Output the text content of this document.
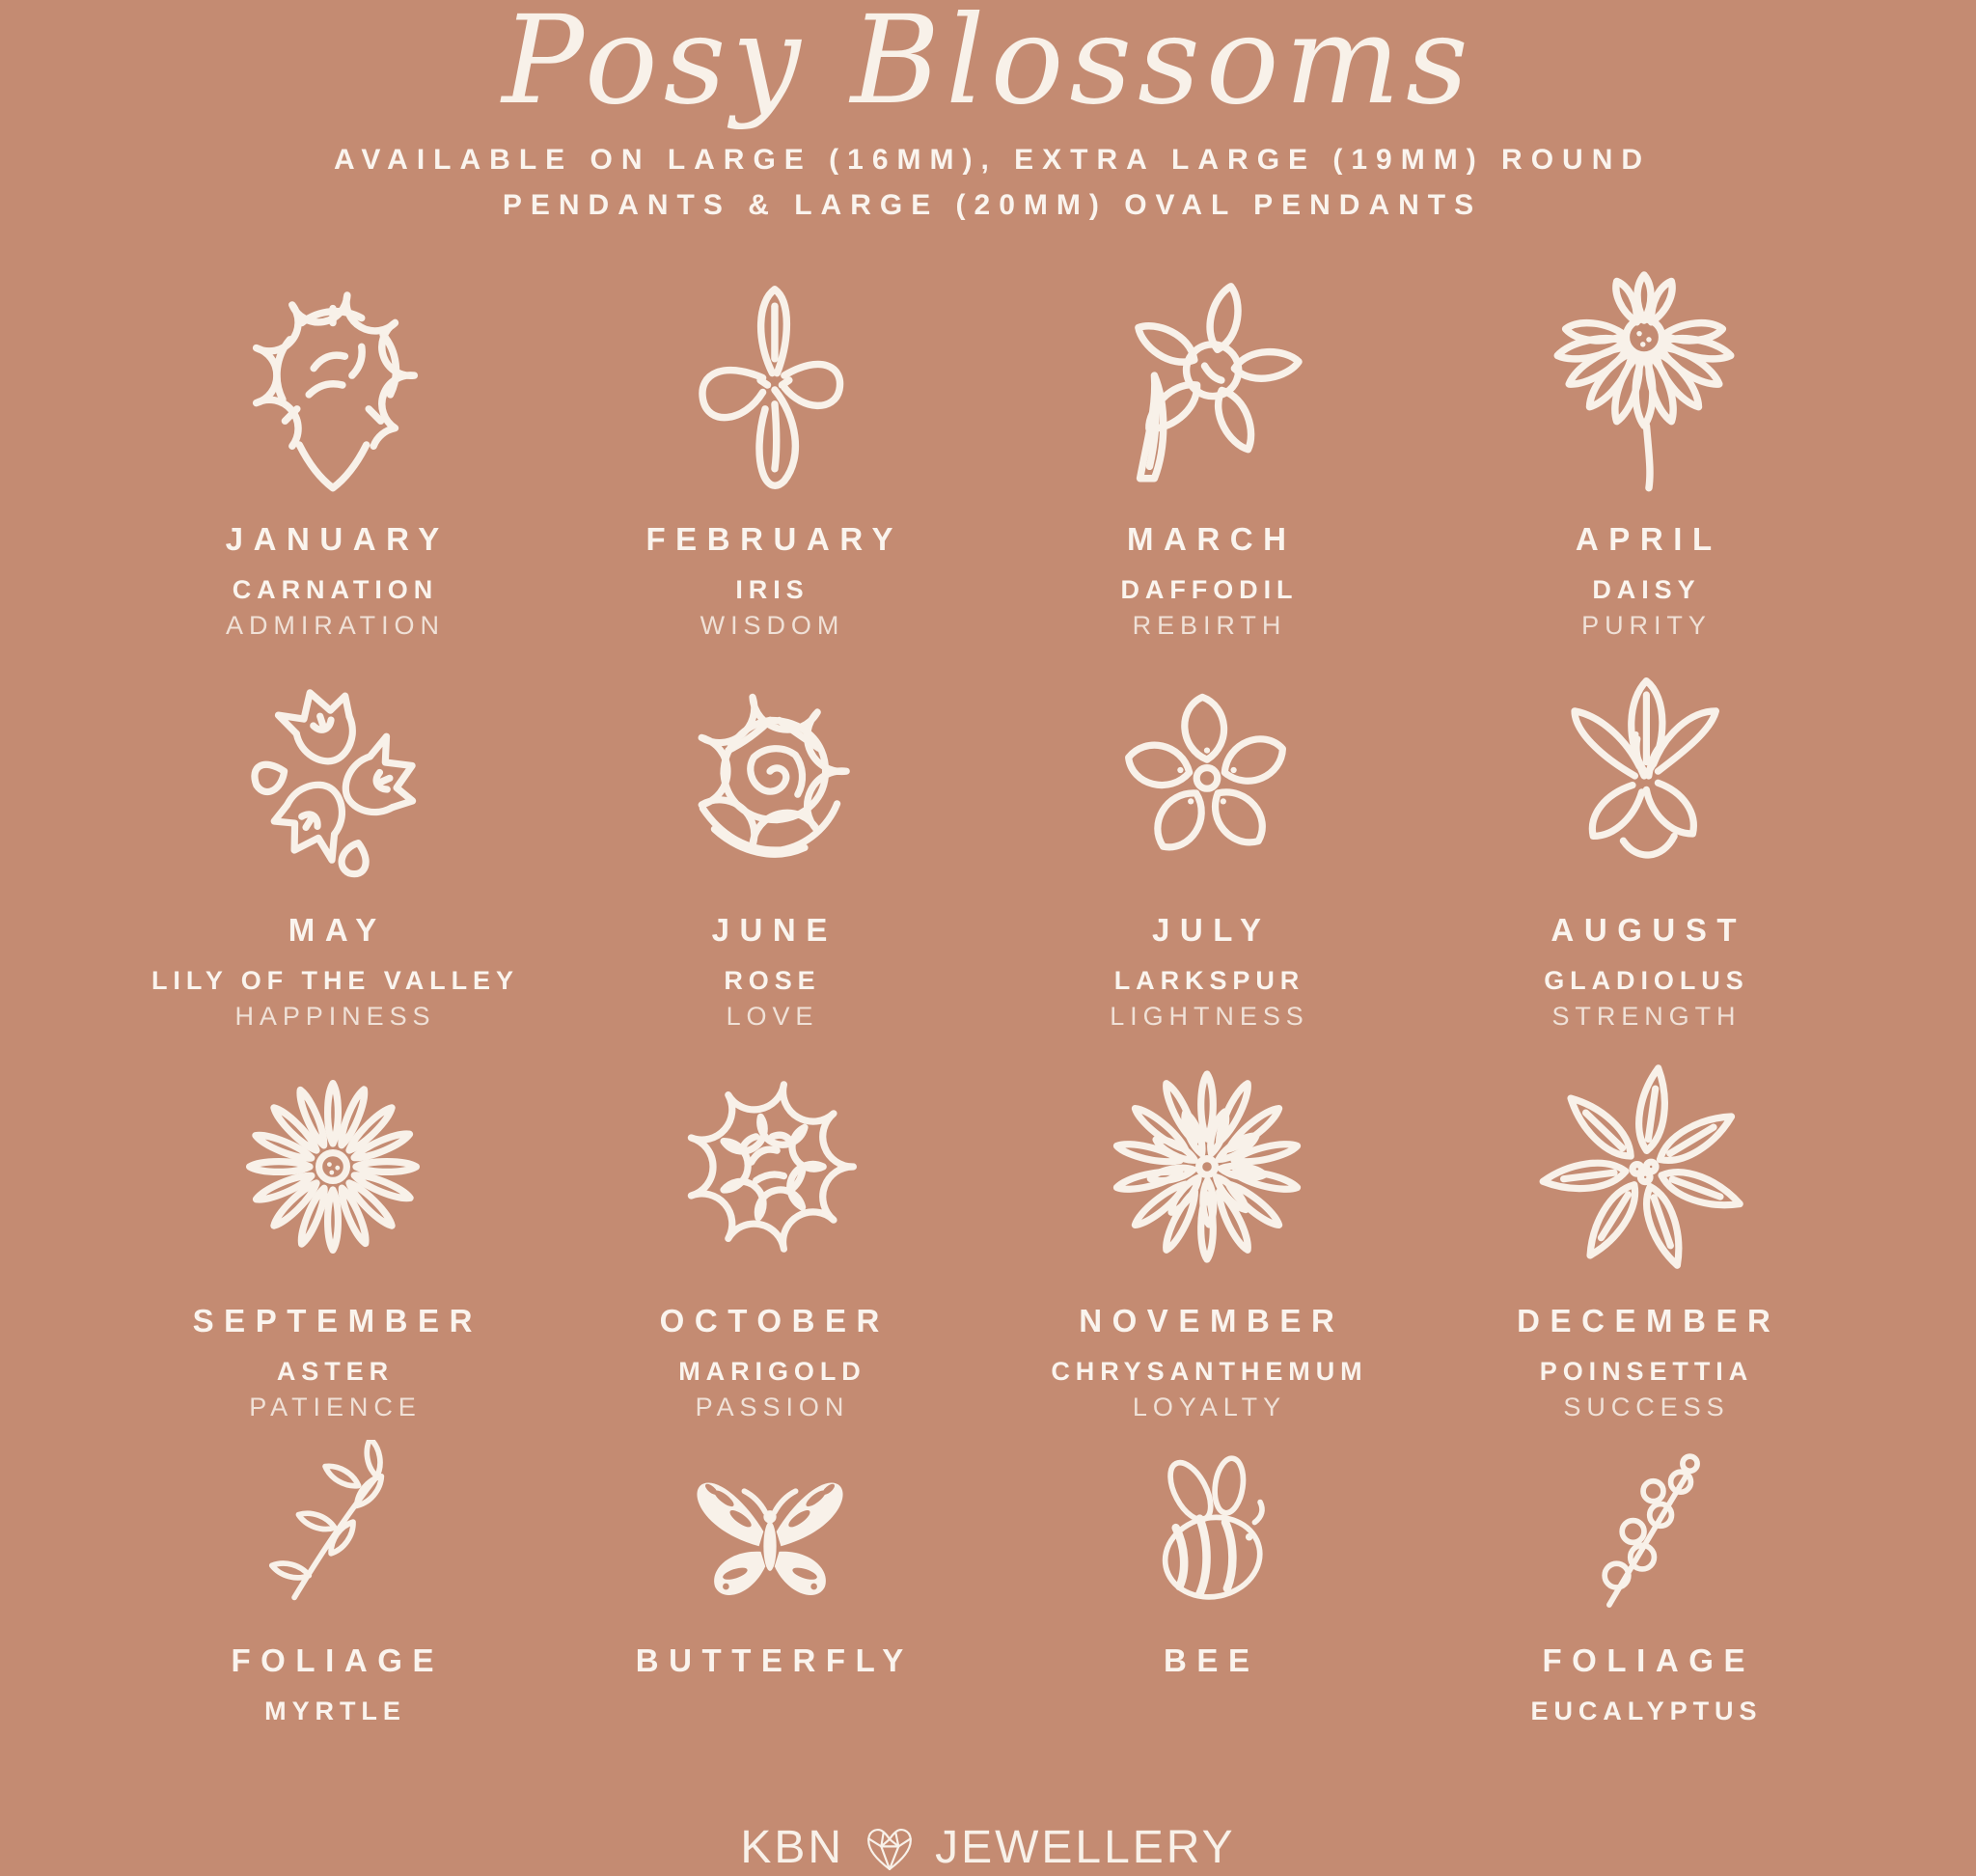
Posy Blossoms
AVAILABLE ON LARGE (16MM), EXTRA LARGE (19MM) ROUND
PENDANTS & LARGE (20MM) OVAL PENDANTS
JANUARY
CARNATION
ADMIRATION
FEBRUARY
IRIS
WISDOM
MARCH
DAFFODIL
REBIRTH
APRIL
DAISY
PURITY
MAY
LILY OF THE VALLEY
HAPPINESS
JUNE
ROSE
LOVE
JULY
LARKSPUR
LIGHTNESS
AUGUST
GLADIOLUS
STRENGTH
SEPTEMBER
ASTER
PATIENCE
OCTOBER
MARIGOLD
PASSION
NOVEMBER
CHRYSANTHEMUM
LOYALTY
DECEMBER
POINSETTIA
SUCCESS
FOLIAGE
MYRTLE
BUTTERFLY	BEE	FOLIAGE
EUCALYPTUS
KBN JEWELLERY
